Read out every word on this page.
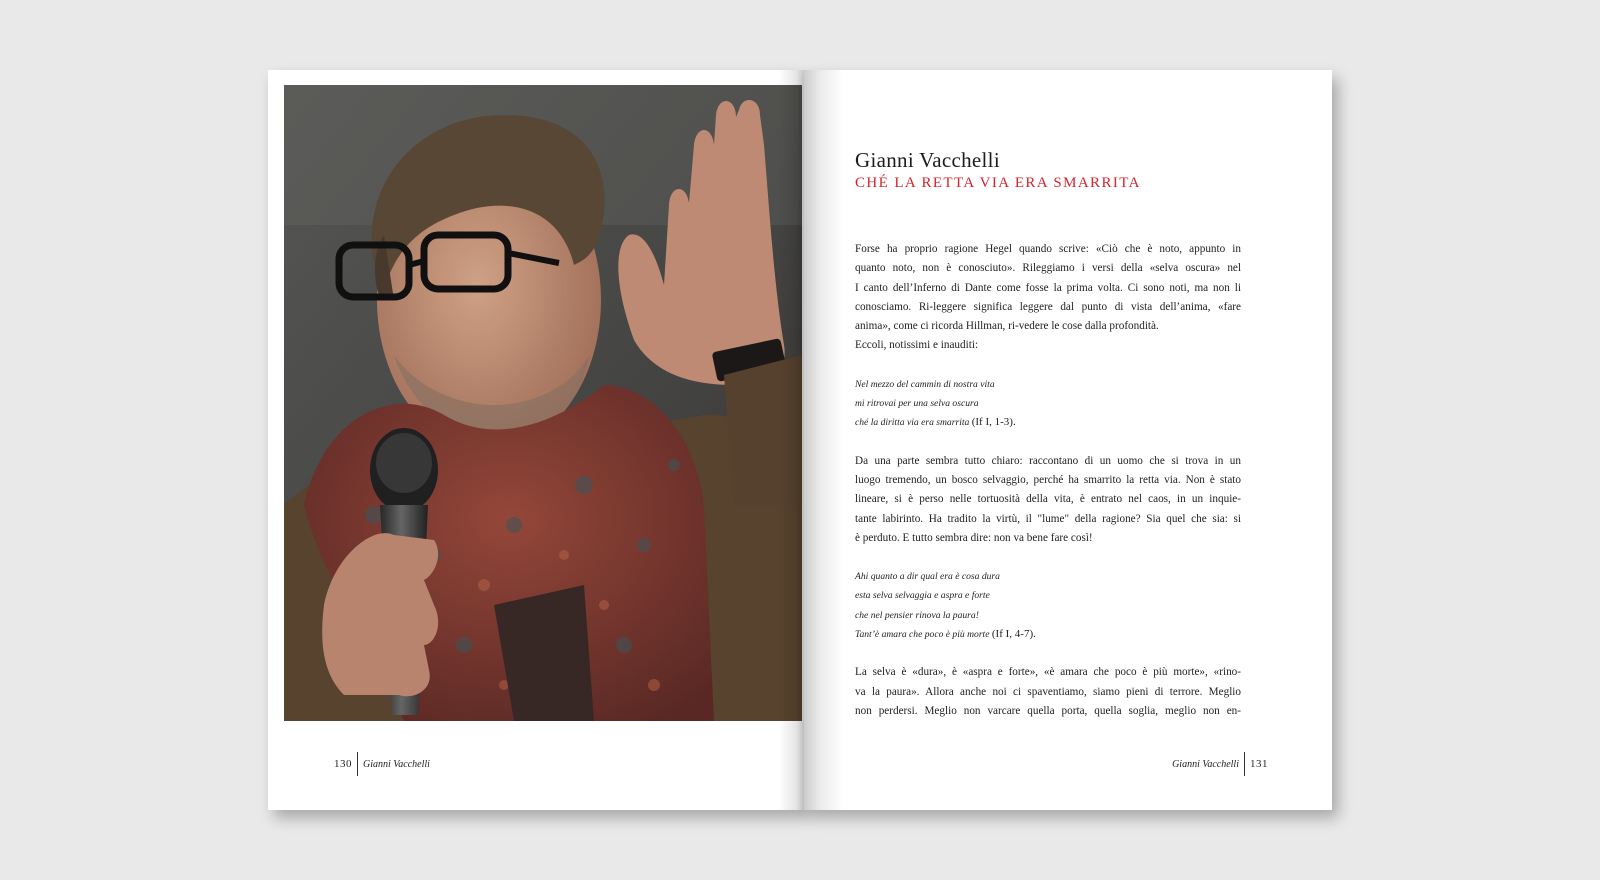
130 Gianni Vacchelli	Gianni Vacchelli 131
Gianni Vacchelli
CHÉ LA RETTA VIA ERA SMARRITA

Forse ha proprio ragione Hegel quando scrive: «Ciò che è noto, appunto in
quanto noto, non è conosciuto». Rileggiamo i versi della «selva oscura» nel
I canto dell’Inferno di Dante come fosse la prima volta. Ci sono noti, ma non li
conosciamo. Ri-leggere significa leggere dal punto di vista dell’anima, «fare
anima», come ci ricorda Hillman, ri-vedere le cose dalla profondità.
Eccoli, notissimi e inauditi:

Nel mezzo del cammin di nostra vita
mi ritrovai per una selva oscura
ché la diritta via era smarrita (If I, 1-3).

Da una parte sembra tutto chiaro: raccontano di un uomo che si trova in un
luogo tremendo, un bosco selvaggio, perché ha smarrito la retta via. Non è stato
lineare, si è perso nelle tortuosità della vita, è entrato nel caos, in un inquie-
tante labirinto. Ha tradito la virtù, il "lume" della ragione? Sia quel che sia: si
è perduto. E tutto sembra dire: non va bene fare così!

Ahi quanto a dir qual era è cosa dura
esta selva selvaggia e aspra e forte
che nel pensier rinova la paura!
Tant’è amara che poco è più morte (If I, 4-7).

La selva è «dura», è «aspra e forte», «è amara che poco è più morte», «rino-
va la paura». Allora anche noi ci spaventiamo, siamo pieni di terrore. Meglio
non perdersi. Meglio non varcare quella porta, quella soglia, meglio non en-
